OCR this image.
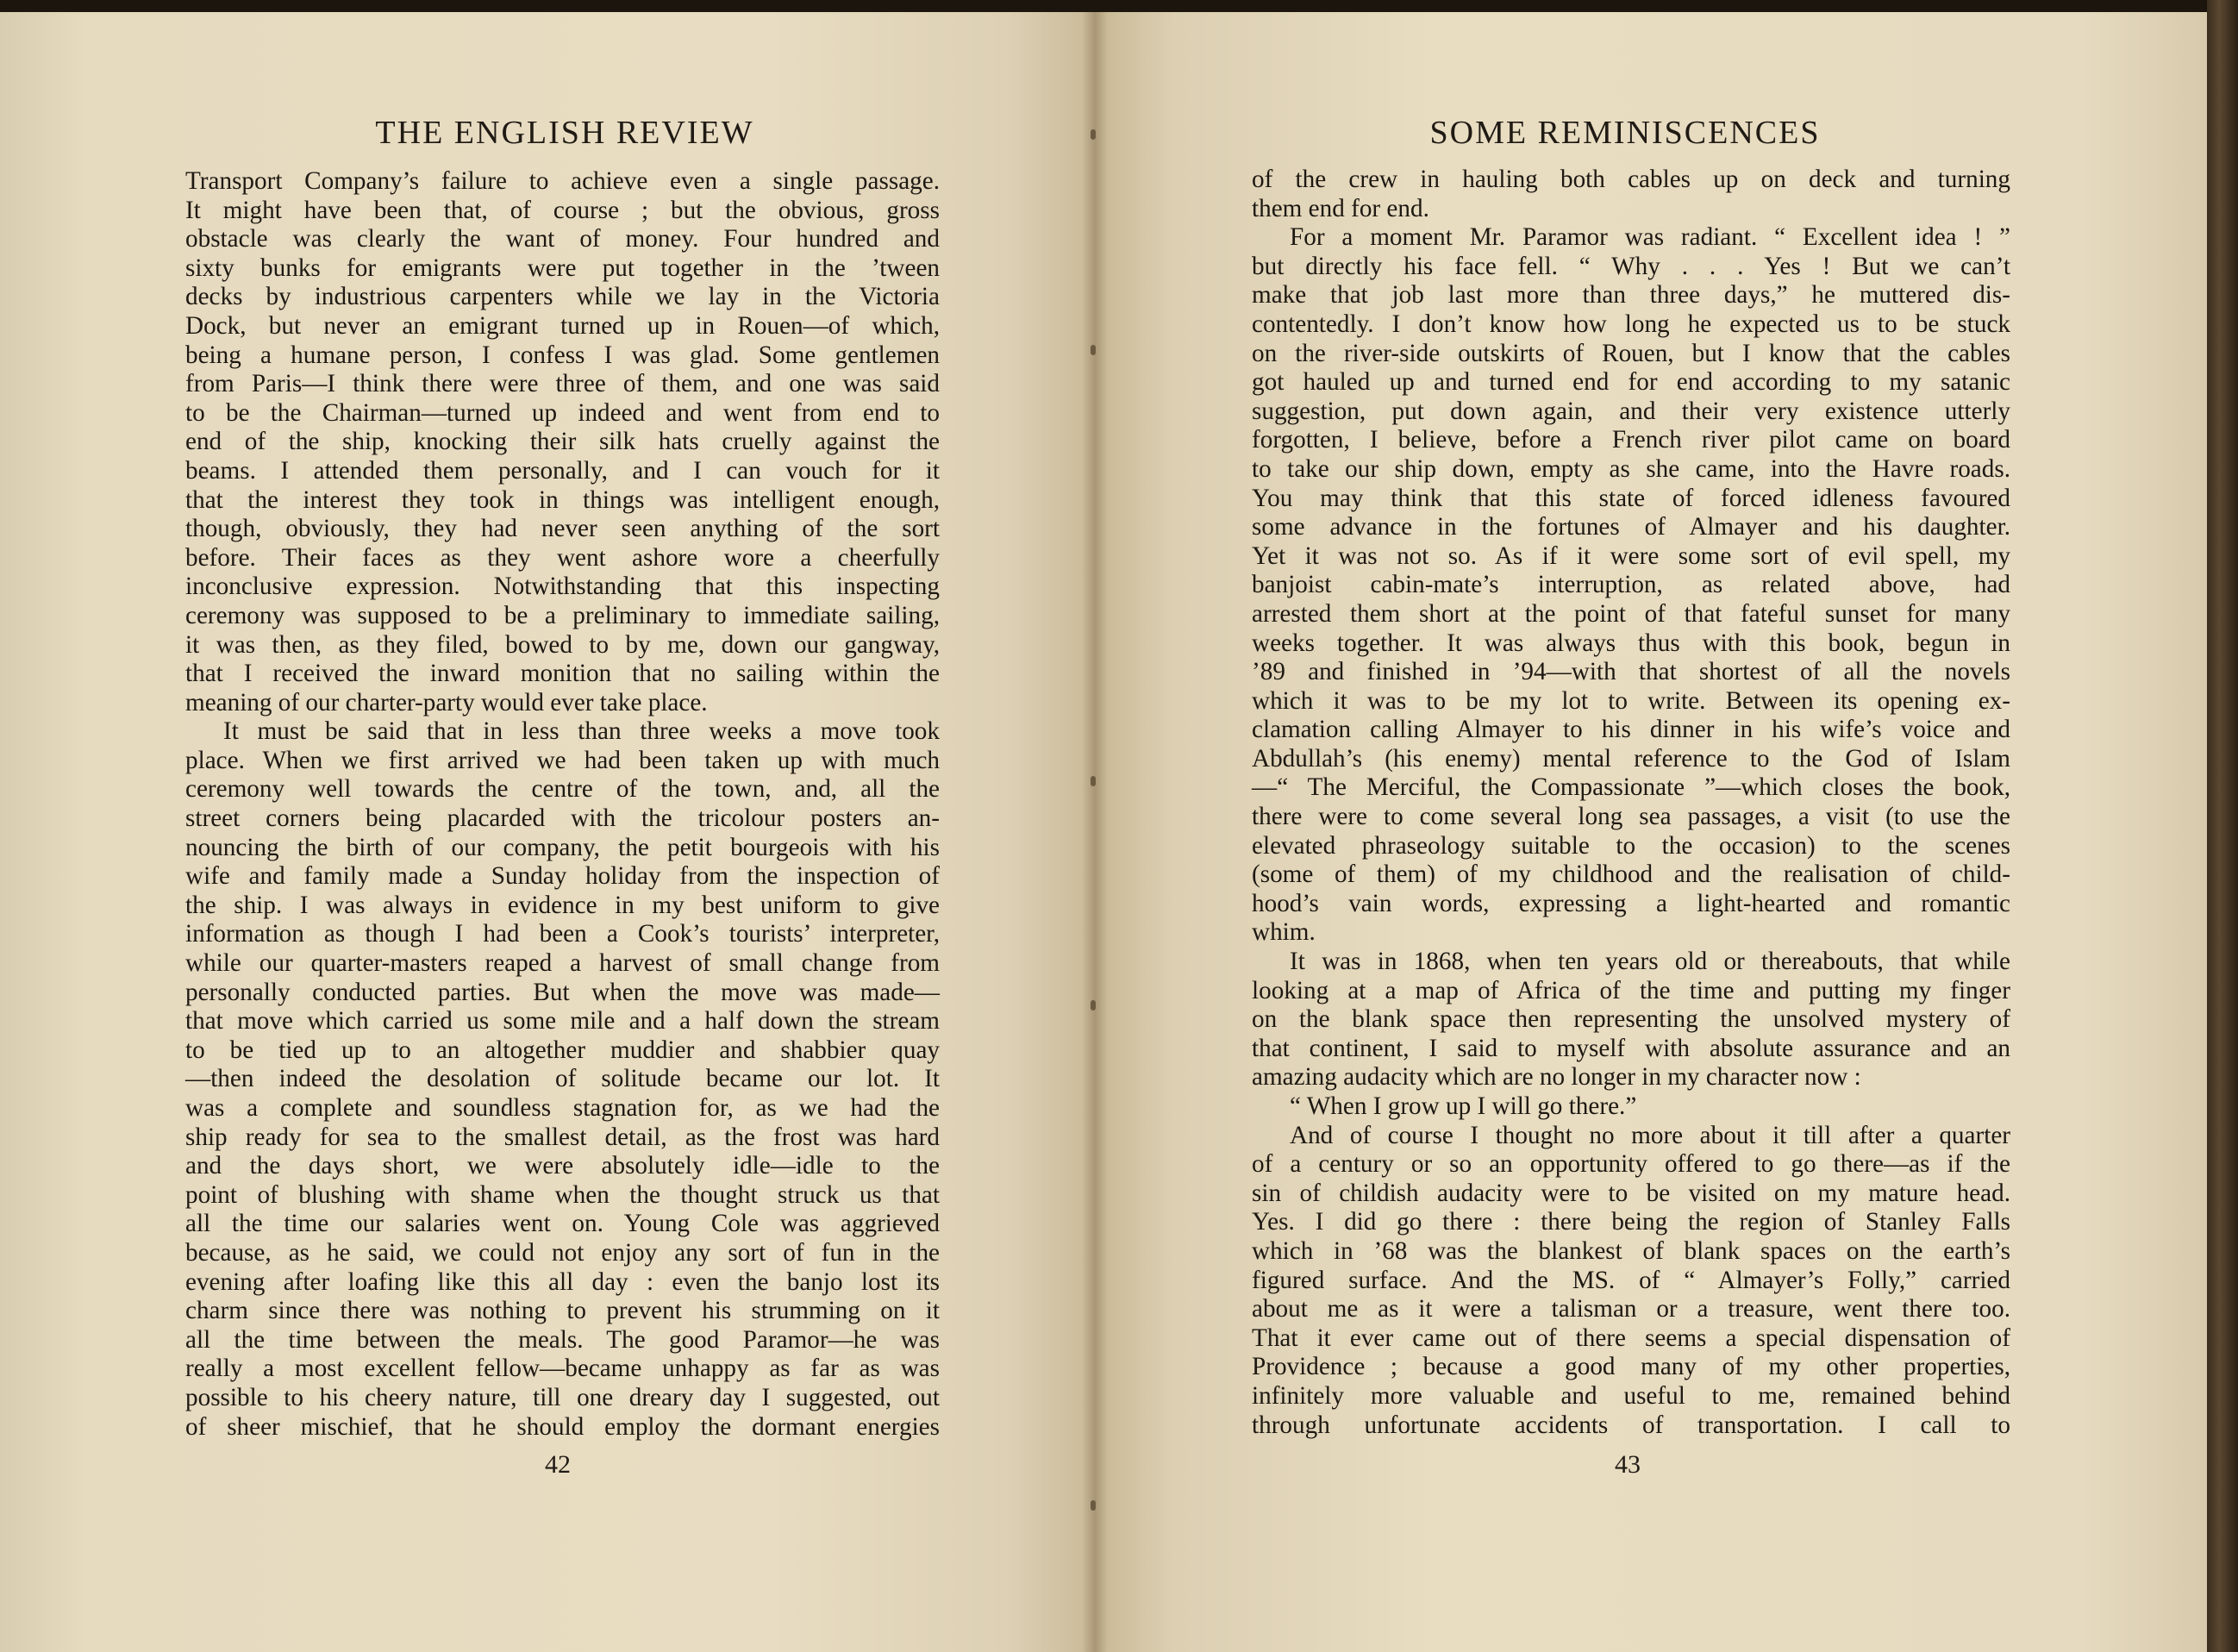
THE ENGLISH REVIEW
Transport Company’s failure to achieve even a single passage.
It might have been that, of course ; but the obvious, gross
obstacle was clearly the want of money. Four hundred and
sixty bunks for emigrants were put together in the ’tween
decks by industrious carpenters while we lay in the Victoria
Dock, but never an emigrant turned up in Rouen—of which,
being a humane person, I confess I was glad. Some gentlemen
from Paris—I think there were three of them, and one was said
to be the Chairman—turned up indeed and went from end to
end of the ship, knocking their silk hats cruelly against the
beams. I attended them personally, and I can vouch for it
that the interest they took in things was intelligent enough,
though, obviously, they had never seen anything of the sort
before. Their faces as they went ashore wore a cheerfully
inconclusive expression. Notwithstanding that this inspecting
ceremony was supposed to be a preliminary to immediate sailing,
it was then, as they filed, bowed to by me, down our gangway,
that I received the inward monition that no sailing within the
meaning of our charter-party would ever take place.
It must be said that in less than three weeks a move took
place. When we first arrived we had been taken up with much
ceremony well towards the centre of the town, and, all the
street corners being placarded with the tricolour posters an-
nouncing the birth of our company, the petit bourgeois with his
wife and family made a Sunday holiday from the inspection of
the ship. I was always in evidence in my best uniform to give
information as though I had been a Cook’s tourists’ interpreter,
while our quarter-masters reaped a harvest of small change from
personally conducted parties. But when the move was made—
that move which carried us some mile and a half down the stream
to be tied up to an altogether muddier and shabbier quay
—then indeed the desolation of solitude became our lot. It
was a complete and soundless stagnation for, as we had the
ship ready for sea to the smallest detail, as the frost was hard
and the days short, we were absolutely idle—idle to the
point of blushing with shame when the thought struck us that
all the time our salaries went on. Young Cole was aggrieved
because, as he said, we could not enjoy any sort of fun in the
evening after loafing like this all day : even the banjo lost its
charm since there was nothing to prevent his strumming on it
all the time between the meals. The good Paramor—he was
really a most excellent fellow—became unhappy as far as was
possible to his cheery nature, till one dreary day I suggested, out
of sheer mischief, that he should employ the dormant energies
42
SOME REMINISCENCES
of the crew in hauling both cables up on deck and turning
them end for end.
For a moment Mr. Paramor was radiant. “ Excellent idea ! ”
but directly his face fell. “ Why . . . Yes ! But we can’t
make that job last more than three days,” he muttered dis-
contentedly. I don’t know how long he expected us to be stuck
on the river-side outskirts of Rouen, but I know that the cables
got hauled up and turned end for end according to my satanic
suggestion, put down again, and their very existence utterly
forgotten, I believe, before a French river pilot came on board
to take our ship down, empty as she came, into the Havre roads.
You may think that this state of forced idleness favoured
some advance in the fortunes of Almayer and his daughter.
Yet it was not so. As if it were some sort of evil spell, my
banjoist cabin-mate’s interruption, as related above, had
arrested them short at the point of that fateful sunset for many
weeks together. It was always thus with this book, begun in
’89 and finished in ’94—with that shortest of all the novels
which it was to be my lot to write. Between its opening ex-
clamation calling Almayer to his dinner in his wife’s voice and
Abdullah’s (his enemy) mental reference to the God of Islam
—“ The Merciful, the Compassionate ”—which closes the book,
there were to come several long sea passages, a visit (to use the
elevated phraseology suitable to the occasion) to the scenes
(some of them) of my childhood and the realisation of child-
hood’s vain words, expressing a light-hearted and romantic
whim.
It was in 1868, when ten years old or thereabouts, that while
looking at a map of Africa of the time and putting my finger
on the blank space then representing the unsolved mystery of
that continent, I said to myself with absolute assurance and an
amazing audacity which are no longer in my character now :
“ When I grow up I will go there.”
And of course I thought no more about it till after a quarter
of a century or so an opportunity offered to go there—as if the
sin of childish audacity were to be visited on my mature head.
Yes. I did go there : there being the region of Stanley Falls
which in ’68 was the blankest of blank spaces on the earth’s
figured surface. And the MS. of “ Almayer’s Folly,” carried
about me as it were a talisman or a treasure, went there too.
That it ever came out of there seems a special dispensation of
Providence ; because a good many of my other properties,
infinitely more valuable and useful to me, remained behind
through unfortunate accidents of transportation. I call to
43
